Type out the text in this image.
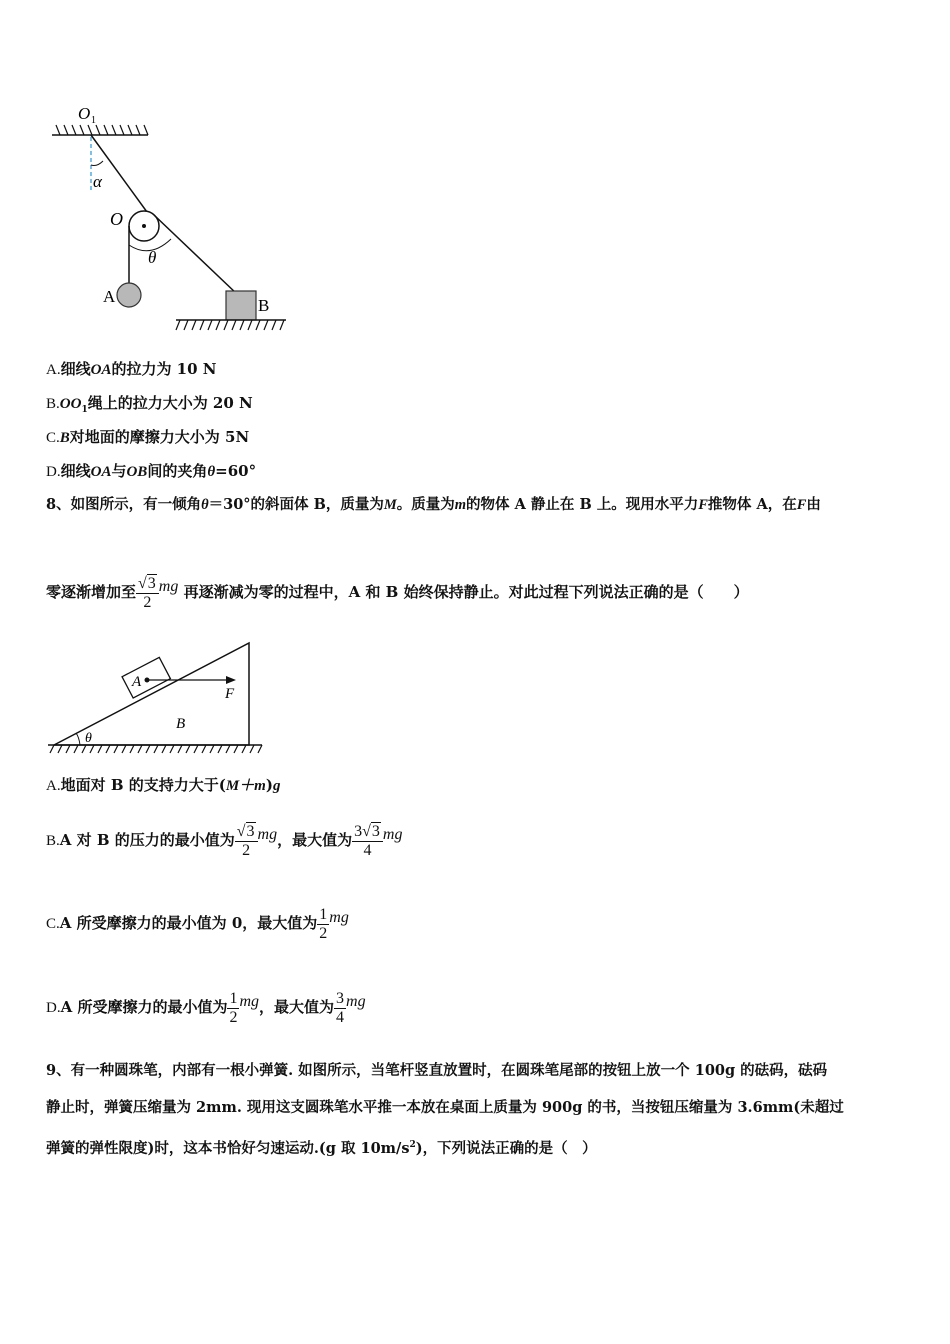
O 1
α
O
θ
A	B
A.细线OA的拉力为 10 N
$B.OO_1$绳上的拉力大小为 20 N
C.B对地面的摩擦力大小为 5N
D.细线OA与OB间的夹角θ=60°
8、如图所示，有一倾角θ＝30°的斜面体 B，质量为M。质量为m的物体 A 静止在 B 上。现用水平力F推物体 A，在F由
零逐渐增加至 $\frac{√3}{2}$ mg 再逐渐减为零的过程中，A 和 B 始终保持静止。对此过程下列说法正确的是（　　）
A
F
B
θ
A.地面对 B 的支持力大于(M＋m)g
B.A 对 B 的压力的最小值为 $\frac{√3}{2}$ mg，最大值为 $\frac{3√3}{4}$ mg
C.A 所受摩擦力的最小值为 0，最大值为 $\frac{1}{2}$ mg
D.A 所受摩擦力的最小值为 $\frac{1}{2}$ mg，最大值为 $\frac{3}{4}$ mg
9、有一种圆珠笔，内部有一根小弹簧. 如图所示，当笔杆竖直放置时，在圆珠笔尾部的按钮上放一个 100g 的砝码，砝码
静止时，弹簧压缩量为 2mm. 现用这支圆珠笔水平推一本放在桌面上质量为 900g 的书，当按钮压缩量为 3.6mm(未超过
弹簧的弹性限度)时，这本书恰好匀速运动.(g 取 $10m/s^2$)，下列说法正确的是（　）
